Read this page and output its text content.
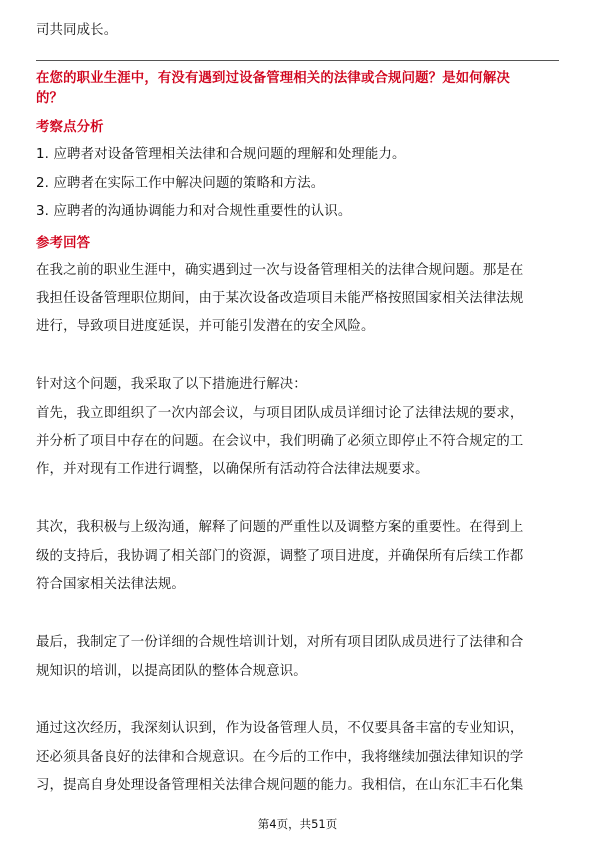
司共同成长。
在您的职业生涯中，有没有遇到过设备管理相关的法律或合规问题？是如何解决
的？
考察点分析
1. 应聘者对设备管理相关法律和合规问题的理解和处理能力。
2. 应聘者在实际工作中解决问题的策略和方法。
3. 应聘者的沟通协调能力和对合规性重要性的认识。
参考回答
在我之前的职业生涯中，确实遇到过一次与设备管理相关的法律合规问题。那是在
我担任设备管理职位期间，由于某次设备改造项目未能严格按照国家相关法律法规
进行，导致项目进度延误，并可能引发潜在的安全风险。
针对这个问题，我采取了以下措施进行解决：
首先，我立即组织了一次内部会议，与项目团队成员详细讨论了法律法规的要求，
并分析了项目中存在的问题。在会议中，我们明确了必须立即停止不符合规定的工
作，并对现有工作进行调整，以确保所有活动符合法律法规要求。
其次，我积极与上级沟通，解释了问题的严重性以及调整方案的重要性。在得到上
级的支持后，我协调了相关部门的资源，调整了项目进度，并确保所有后续工作都
符合国家相关法律法规。
最后，我制定了一份详细的合规性培训计划，对所有项目团队成员进行了法律和合
规知识的培训，以提高团队的整体合规意识。
通过这次经历，我深刻认识到，作为设备管理人员，不仅要具备丰富的专业知识，
还必须具备良好的法律和合规意识。在今后的工作中，我将继续加强法律知识的学
习，提高自身处理设备管理相关法律合规问题的能力。我相信，在山东汇丰石化集
第4页，共51页
